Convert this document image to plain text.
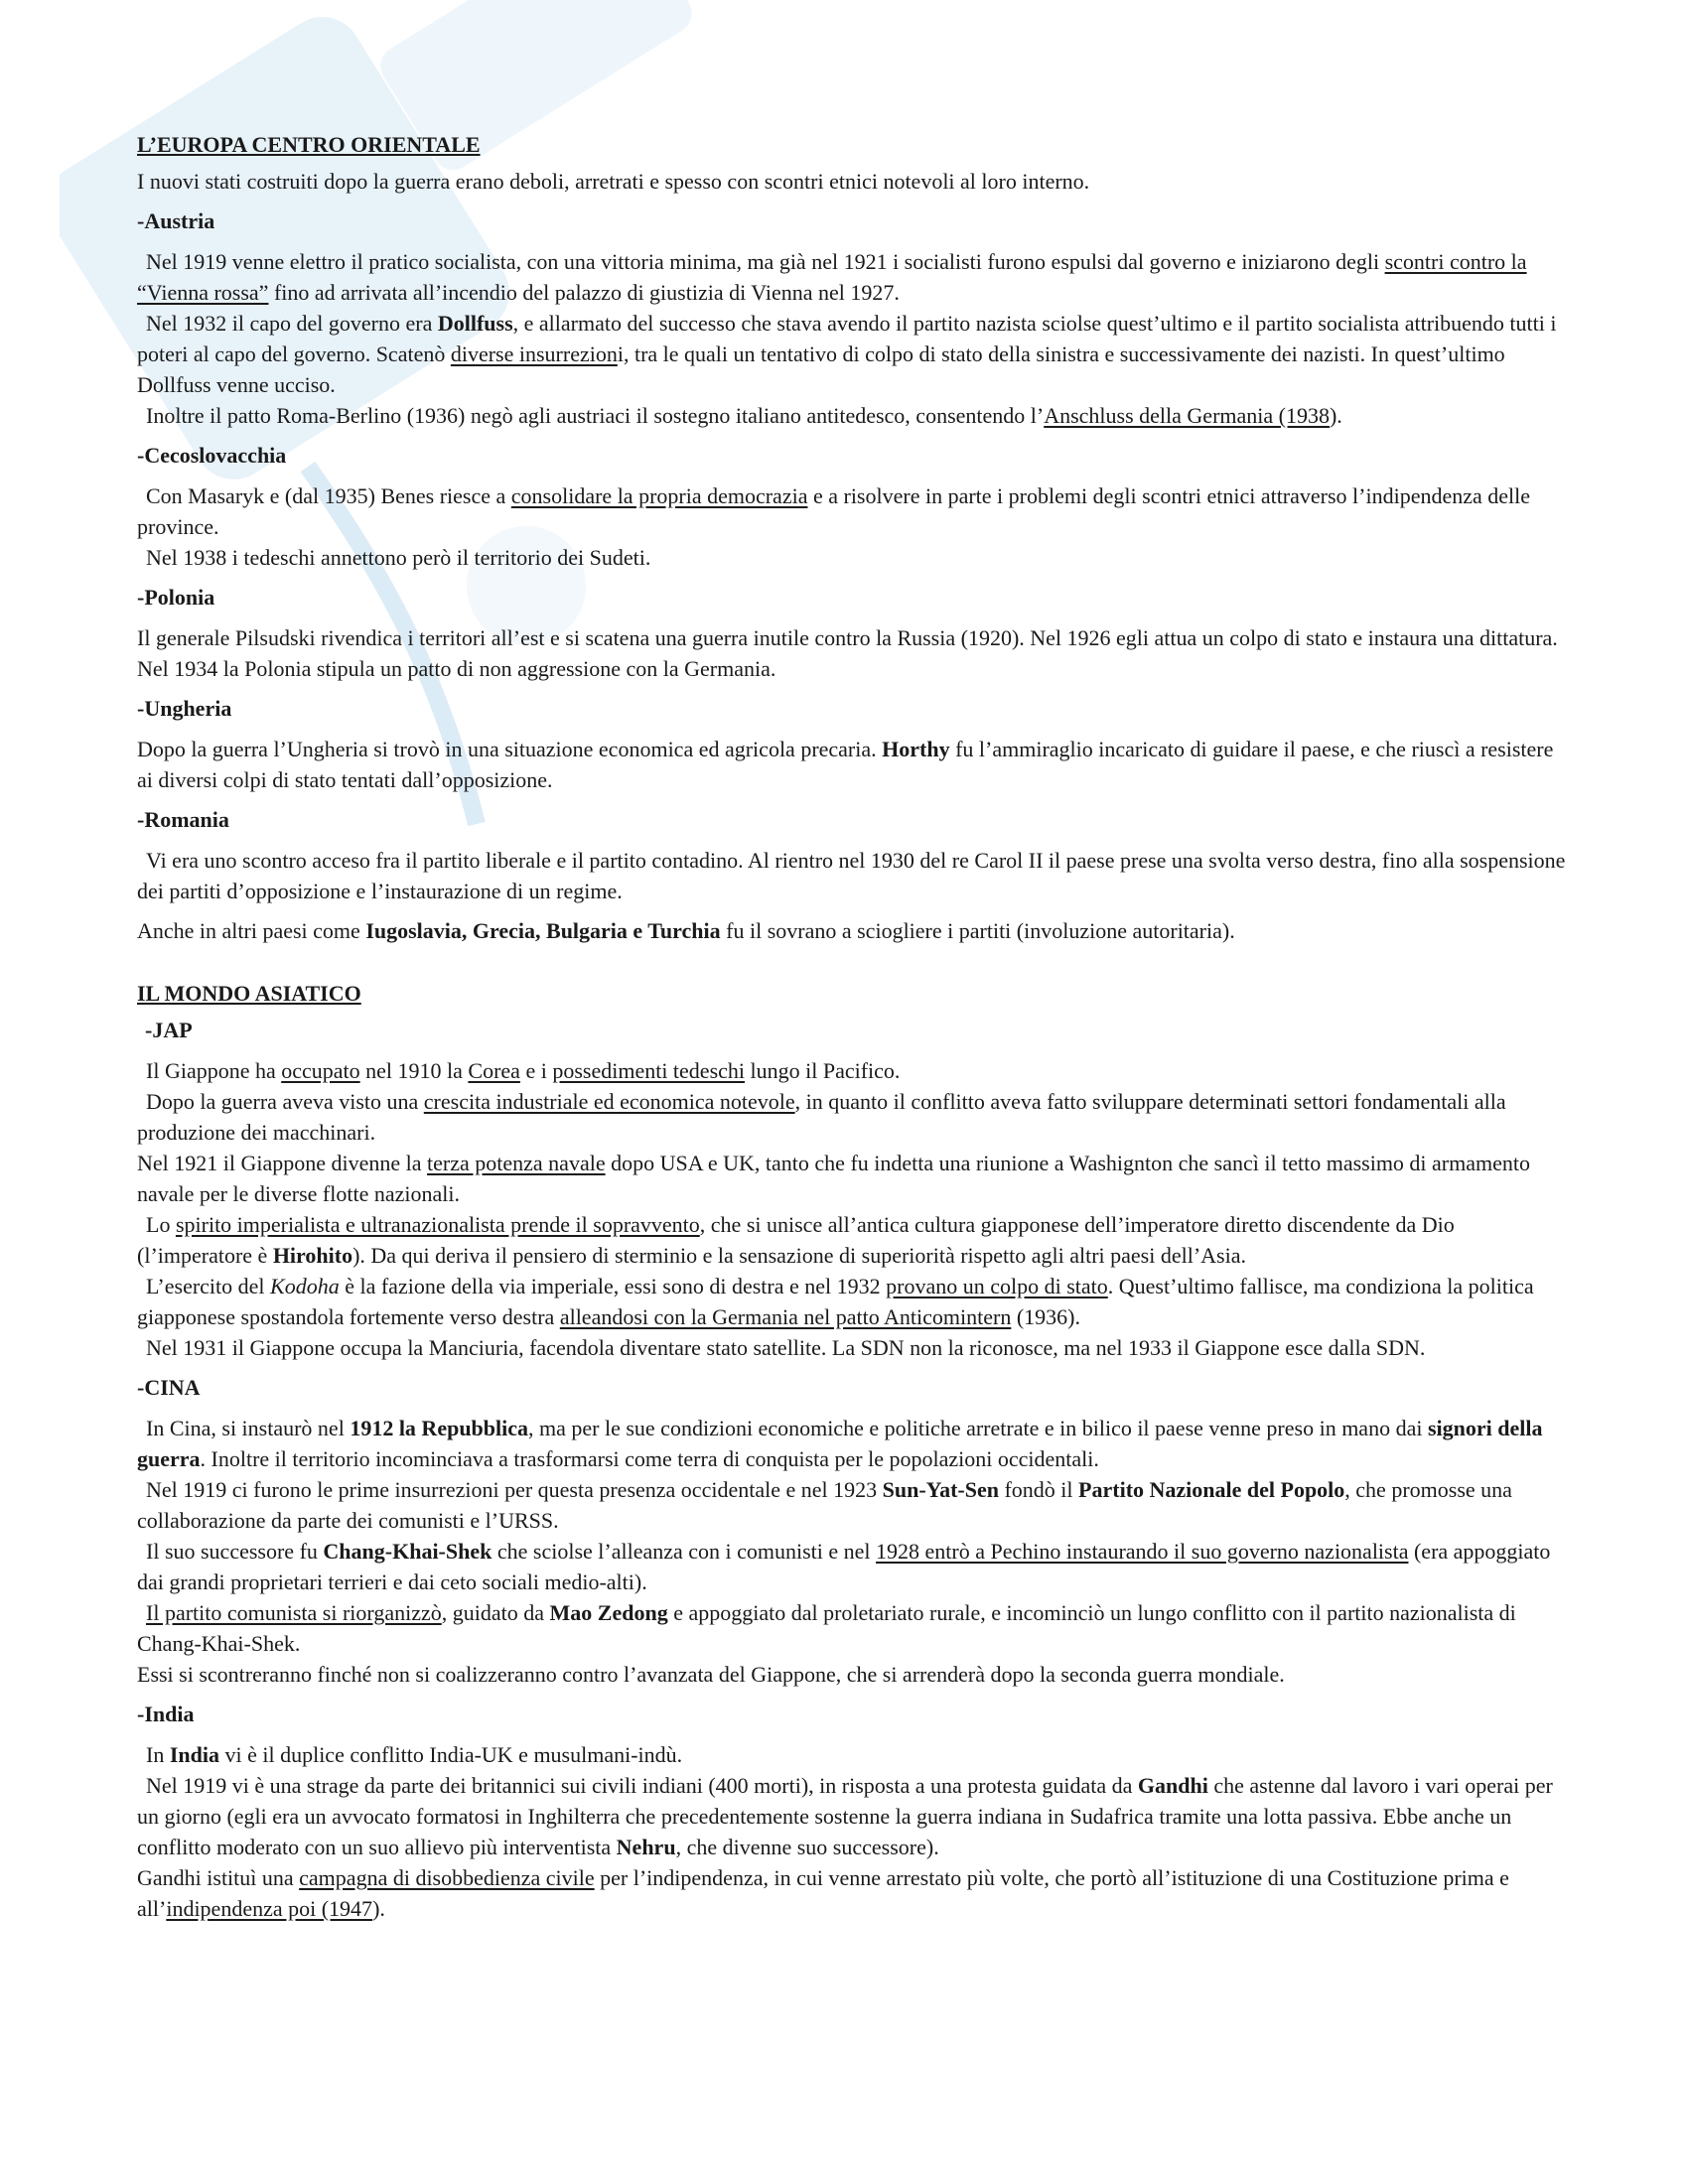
L’EUROPA CENTRO ORIENTALE

I nuovi stati costruiti dopo la guerra erano deboli, arretrati e spesso con scontri etnici notevoli al loro interno.

-Austria

Nel 1919 venne elettro il pratico socialista, con una vittoria minima, ma già nel 1921 i socialisti furono espulsi dal governo e iniziarono degli scontri contro la “Vienna rossa” fino ad arrivata all’incendio del palazzo di giustizia di Vienna nel 1927.

Nel 1932 il capo del governo era Dollfuss, e allarmato del successo che stava avendo il partito nazista sciolse quest’ultimo e il partito socialista attribuendo tutti i poteri al capo del governo. Scatenò diverse insurrezioni, tra le quali un tentativo di colpo di stato della sinistra e successivamente dei nazisti. In quest’ultimo Dollfuss venne ucciso.

Inoltre il patto Roma-Berlino (1936) negò agli austriaci il sostegno italiano antitedesco, consentendo l’Anschluss della Germania (1938).

-Cecoslovacchia

Con Masaryk e (dal 1935) Benes riesce a consolidare la propria democrazia e a risolvere in parte i problemi degli scontri etnici attraverso l’indipendenza delle province.

Nel 1938 i tedeschi annettono però il territorio dei Sudeti.

-Polonia

Il generale Pilsudski rivendica i territori all’est e si scatena una guerra inutile contro la Russia (1920). Nel 1926 egli attua un colpo di stato e instaura una dittatura.

Nel 1934 la Polonia stipula un patto di non aggressione con la Germania.

-Ungheria

Dopo la guerra l’Ungheria si trovò in una situazione economica ed agricola precaria. Horthy fu l’ammiraglio incaricato di guidare il paese, e che riuscì a resistere ai diversi colpi di stato tentati dall’opposizione.

-Romania

Vi era uno scontro acceso fra il partito liberale e il partito contadino. Al rientro nel 1930 del re Carol II il paese prese una svolta verso destra, fino alla sospensione dei partiti d’opposizione e l’instaurazione di un regime.

Anche in altri paesi come Iugoslavia, Grecia, Bulgaria e Turchia fu il sovrano a sciogliere i partiti (involuzione autoritaria).

IL MONDO ASIATICO
-JAP

Il Giappone ha occupato nel 1910 la Corea e i possedimenti tedeschi lungo il Pacifico.

Dopo la guerra aveva visto una crescita industriale ed economica notevole, in quanto il conflitto aveva fatto sviluppare determinati settori fondamentali alla produzione dei macchinari.

Nel 1921 il Giappone divenne la terza potenza navale dopo USA e UK, tanto che fu indetta una riunione a Washignton che sancì il tetto massimo di armamento navale per le diverse flotte nazionali.

Lo spirito imperialista e ultranazionalista prende il sopravvento, che si unisce all’antica cultura giapponese dell’imperatore diretto discendente da Dio (l’imperatore è Hirohito). Da qui deriva il pensiero di sterminio e la sensazione di superiorità rispetto agli altri paesi dell’Asia.

L’esercito del Kodoha è la fazione della via imperiale, essi sono di destra e nel 1932 provano un colpo di stato. Quest’ultimo fallisce, ma condiziona la politica giapponese spostandola fortemente verso destra alleandosi con la Germania nel patto Anticomintern (1936).

Nel 1931 il Giappone occupa la Manciuria, facendola diventare stato satellite. La SDN non la riconosce, ma nel 1933 il Giappone esce dalla SDN.

-CINA

In Cina, si instaurò nel 1912 la Repubblica, ma per le sue condizioni economiche e politiche arretrate e in bilico il paese venne preso in mano dai signori della guerra. Inoltre il territorio incominciava a trasformarsi come terra di conquista per le popolazioni occidentali.

Nel 1919 ci furono le prime insurrezioni per questa presenza occidentale e nel 1923 Sun-Yat-Sen fondò il Partito Nazionale del Popolo, che promosse una collaborazione da parte dei comunisti e l’URSS.

Il suo successore fu Chang-Khai-Shek che sciolse l’alleanza con i comunisti e nel 1928 entrò a Pechino instaurando il suo governo nazionalista (era appoggiato dai grandi proprietari terrieri e dai ceto sociali medio-alti).

Il partito comunista si riorganizzò, guidato da Mao Zedong e appoggiato dal proletariato rurale, e incominciò un lungo conflitto con il partito nazionalista di Chang-Khai-Shek.

Essi si scontreranno finché non si coalizzeranno contro l’avanzata del Giappone, che si arrenderà dopo la seconda guerra mondiale.

-India

In India vi è il duplice conflitto India-UK e musulmani-indù.

Nel 1919 vi è una strage da parte dei britannici sui civili indiani (400 morti), in risposta a una protesta guidata da Gandhi che astenne dal lavoro i vari operai per un giorno (egli era un avvocato formatosi in Inghilterra che precedentemente sostenne la guerra indiana in Sudafrica tramite una lotta passiva. Ebbe anche un conflitto moderato con un suo allievo più interventista Nehru, che divenne suo successore).

Gandhi istituì una campagna di disobbedienza civile per l’indipendenza, in cui venne arrestato più volte, che portò all’istituzione di una Costituzione prima e all’indipendenza poi (1947).
